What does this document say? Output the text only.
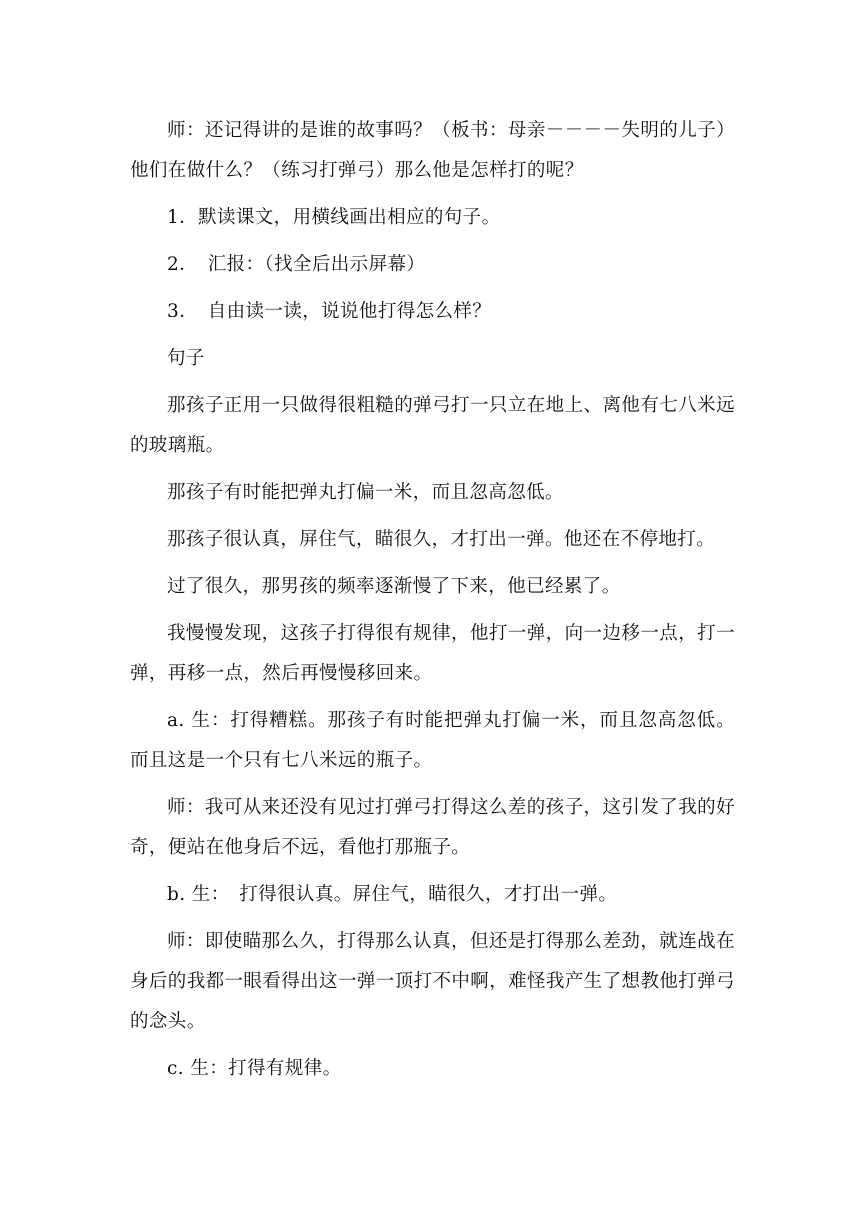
师：还记得讲的是谁的故事吗？（板书：母亲－－－－失明的儿子）他们在做什么？（练习打弹弓）那么他是怎样打的呢？

1．默读课文，用横线画出相应的句子。

2．　汇报：（找全后出示屏幕）

3．　自由读一读，说说他打得怎么样？

句子

那孩子正用一只做得很粗糙的弹弓打一只立在地上、离他有七八米远的玻璃瓶。

那孩子有时能把弹丸打偏一米，而且忽高忽低。

那孩子很认真，屏住气，瞄很久，才打出一弹。他还在不停地打。

过了很久，那男孩的频率逐渐慢了下来，他已经累了。

我慢慢发现，这孩子打得很有规律，他打一弹，向一边移一点，打一弹，再移一点，然后再慢慢移回来。

a. 生：打得糟糕。那孩子有时能把弹丸打偏一米，而且忽高忽低。而且这是一个只有七八米远的瓶子。

师：我可从来还没有见过打弹弓打得这么差的孩子，这引发了我的好奇，便站在他身后不远，看他打那瓶子。

b. 生：　打得很认真。屏住气，瞄很久，才打出一弹。

师：即使瞄那么久，打得那么认真，但还是打得那么差劲，就连战在身后的我都一眼看得出这一弹一顶打不中啊，难怪我产生了想教他打弹弓的念头。

c. 生：打得有规律。
